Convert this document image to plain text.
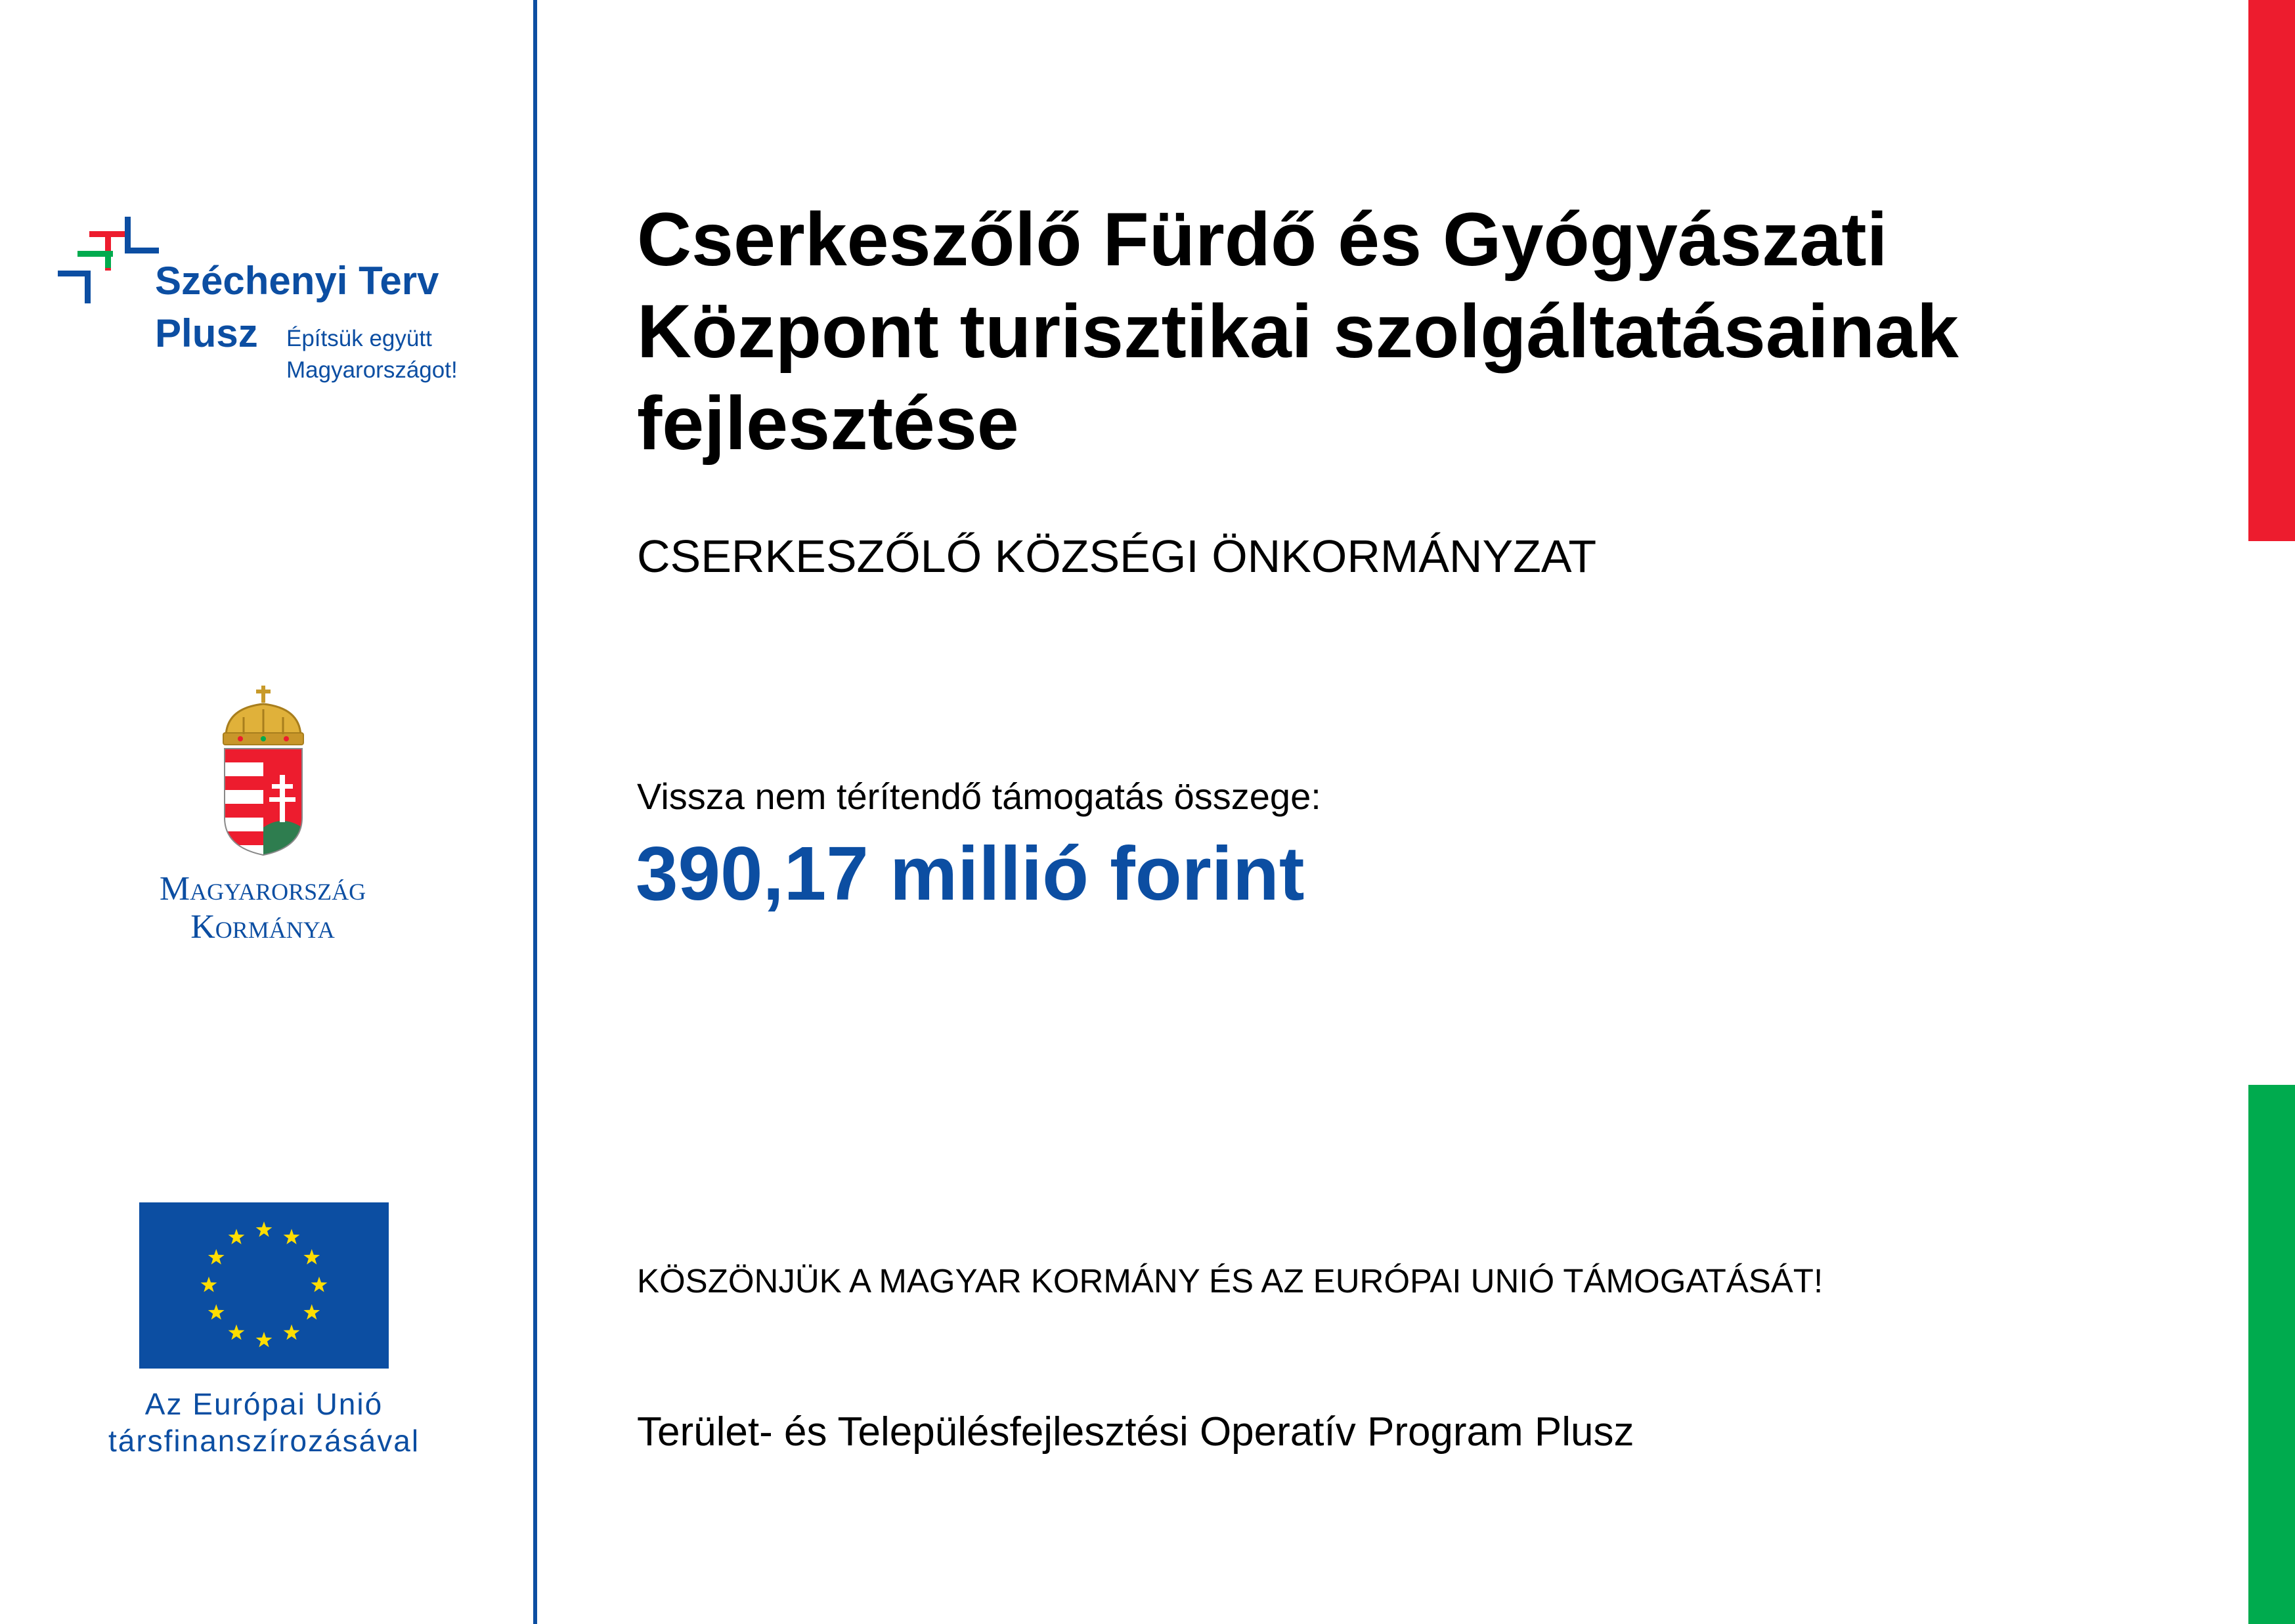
Széchenyi Terv
Plusz Építsük együtt
Magyarországot!
Magyarország
Kormánya
Az Európai Unió
társfinanszírozásával
Cserkeszőlő Fürdő és Gyógyászati Központ turisztikai szolgáltatásainak fejlesztése
CSERKESZŐLŐ KÖZSÉGI ÖNKORMÁNYZAT
Vissza nem térítendő támogatás összege:
390,17 millió forint
KÖSZÖNJÜK A MAGYAR KORMÁNY ÉS AZ EURÓPAI UNIÓ TÁMOGATÁSÁT!
Terület- és Településfejlesztési Operatív Program Plusz
